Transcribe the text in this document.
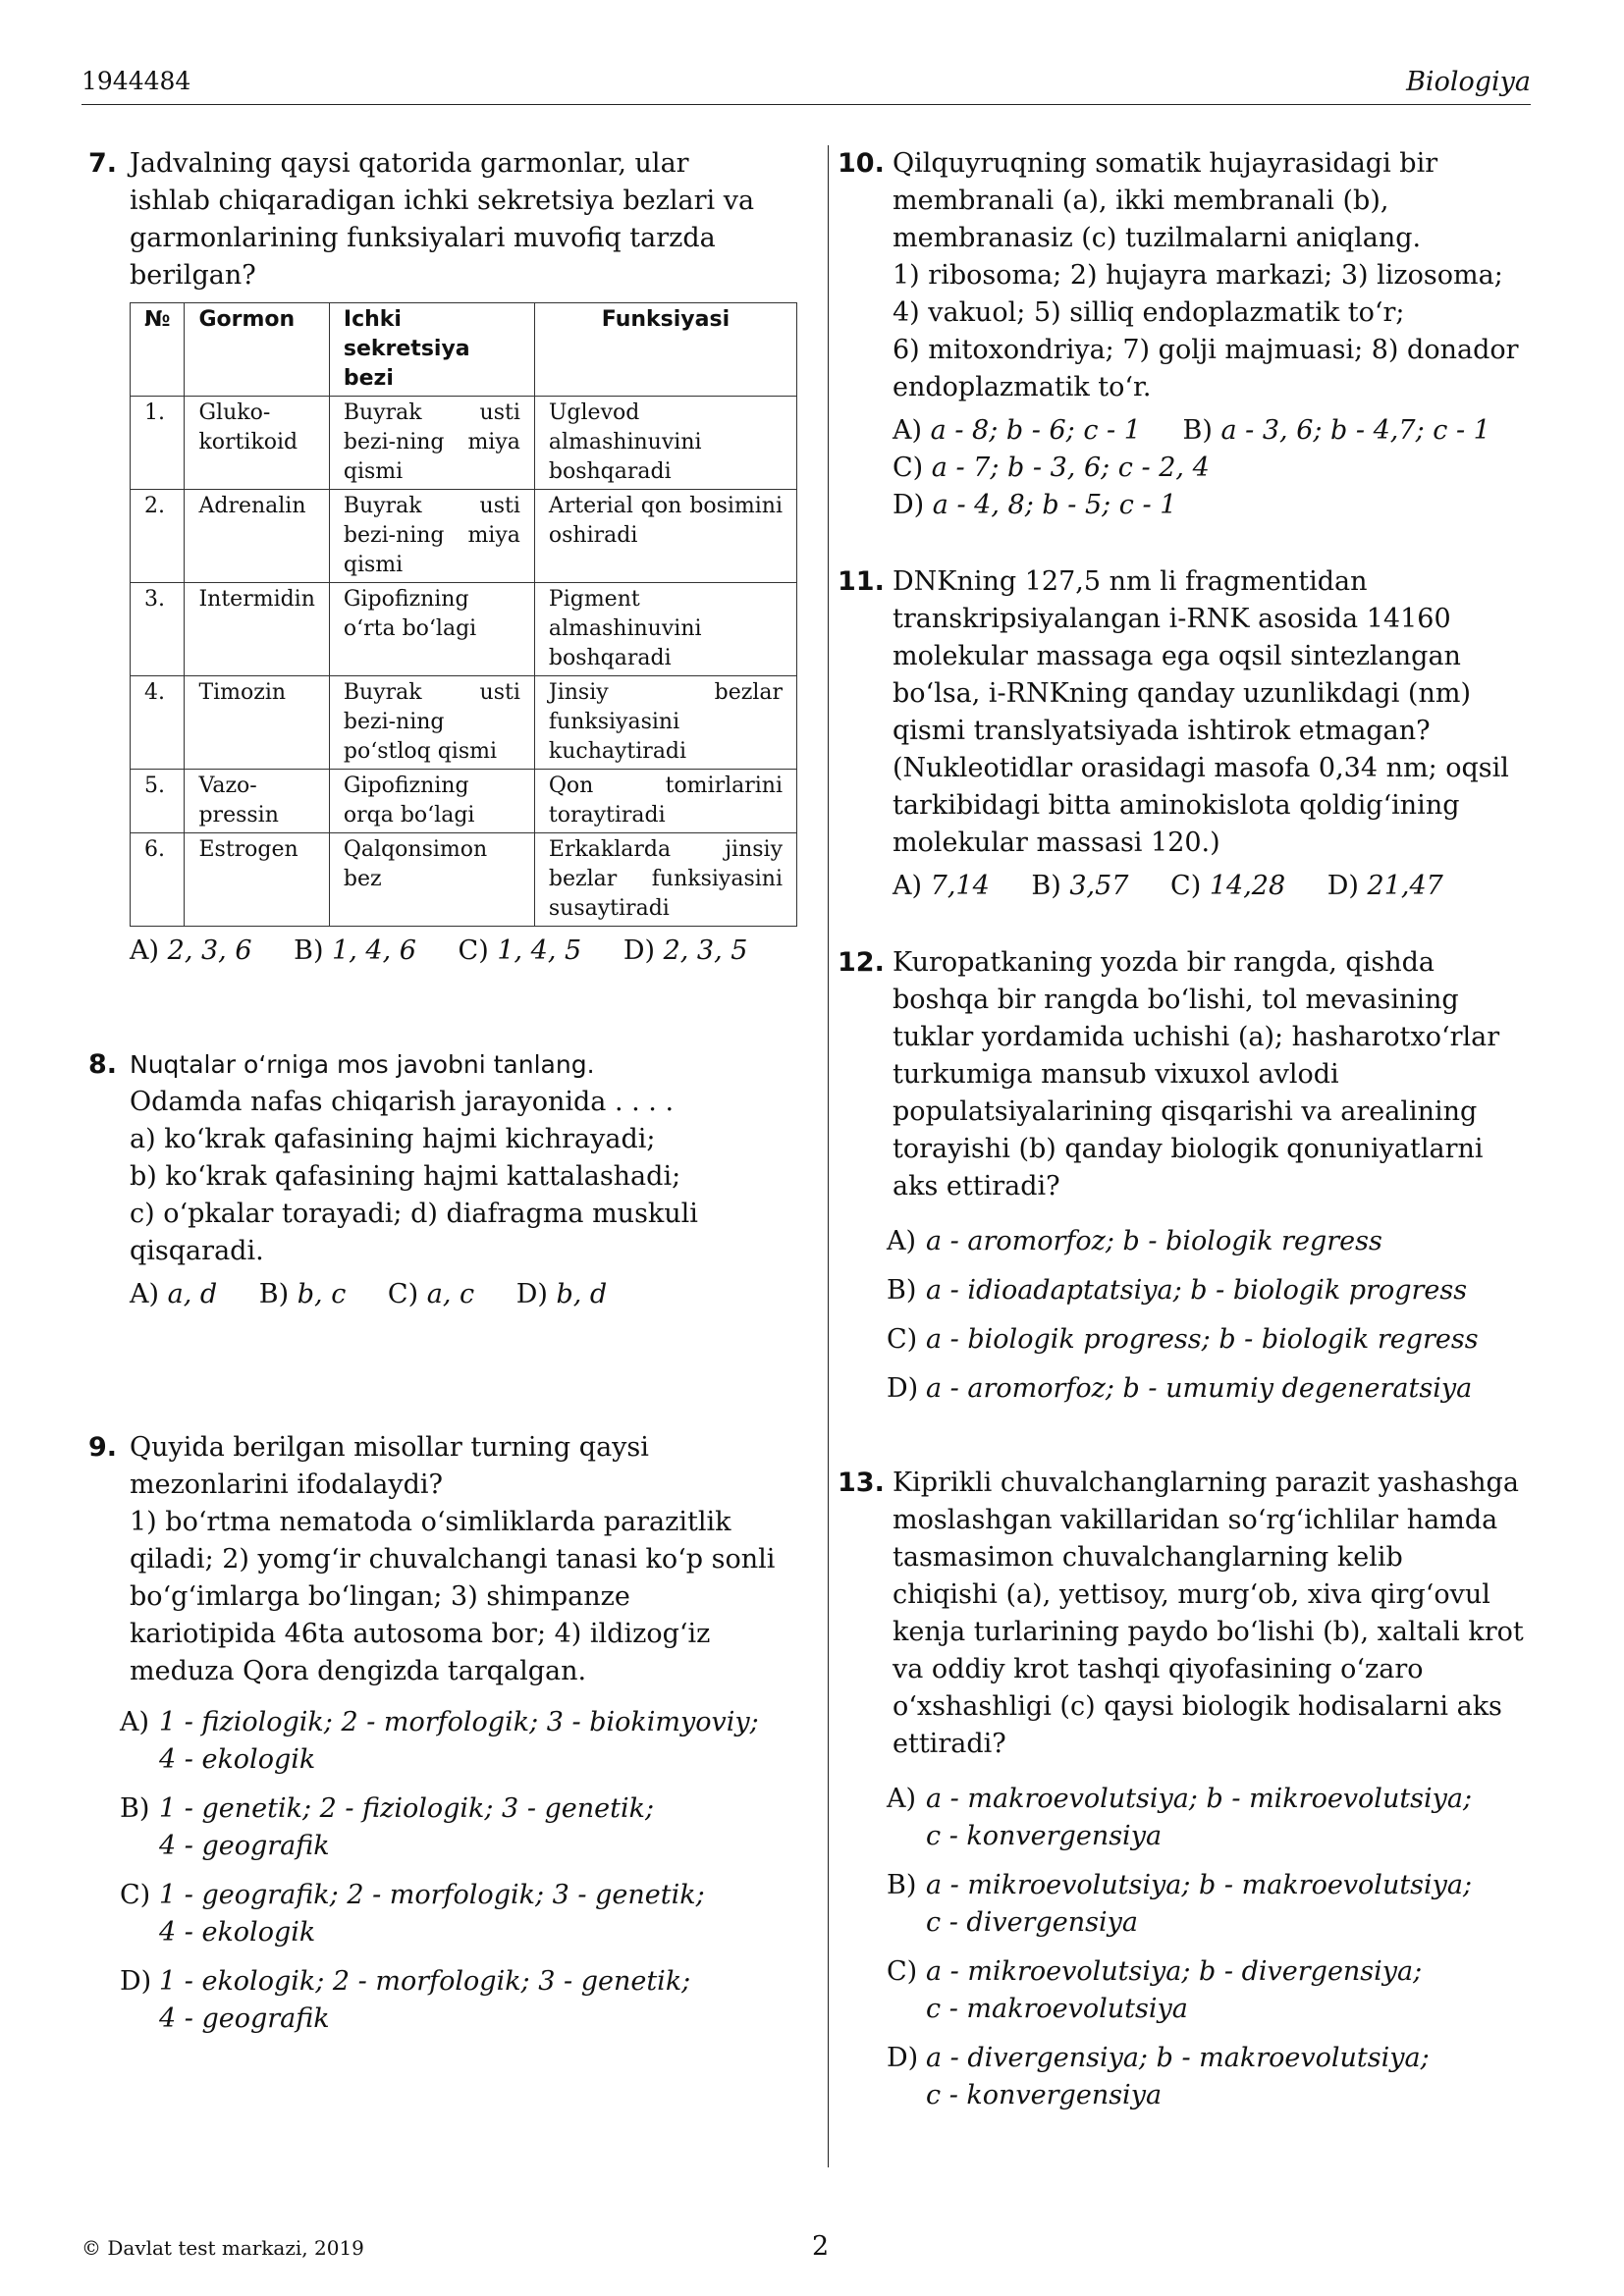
1944484	Biologiya
7. Jadvalning qaysi qatorida garmonlar, ular
ishlab chiqaradigan ichki sekretsiya bezlari va
garmonlarining funksiyalari muvofiq tarzda
berilgan?
№	Gormon	Ichki sekretsiya bezi	Funksiyasi
1.	Gluko-kortikoid	Buyrak usti bezi-ning miya qismi	Uglevod almashinuvini boshqaradi
2.	Adrenalin	Buyrak usti bezi-ning miya qismi	Arterial qon bosimini oshiradi
3.	Intermidin	Gipofizning o‘rta bo‘lagi	Pigment almashinuvini boshqaradi
4.	Timozin	Buyrak usti bezi-ning po‘stloq qismi	Jinsiy bezlar funksiyasini kuchaytiradi
5.	Vazo-pressin	Gipofizning orqa bo‘lagi	Qon tomirlarini toraytiradi
6.	Estrogen	Qalqonsimon bez	Erkaklarda jinsiy bezlar funksiyasini susaytiradi
A) 2, 3, 6 B) 1, 4, 6 C) 1, 4, 5 D) 2, 3, 5
8. Nuqtalar o‘rniga mos javobni tanlang.
Odamda nafas chiqarish jarayonida . . . .
a) ko‘krak qafasining hajmi kichrayadi;
b) ko‘krak qafasining hajmi kattalashadi;
c) o‘pkalar torayadi; d) diafragma muskuli
qisqaradi.
A) a, d B) b, c C) a, c D) b, d
9. Quyida berilgan misollar turning qaysi
mezonlarini ifodalaydi?
1) bo‘rtma nematoda o‘simliklarda parazitlik
qiladi; 2) yomg‘ir chuvalchangi tanasi ko‘p sonli
bo‘g‘imlarga bo‘lingan; 3) shimpanze
kariotipida 46ta autosoma bor; 4) ildizog‘iz
meduza Qora dengizda tarqalgan.
A) 1 - fiziologik; 2 - morfologik; 3 - biokimyoviy;
4 - ekologik
B) 1 - genetik; 2 - fiziologik; 3 - genetik;
4 - geografik
C) 1 - geografik; 2 - morfologik; 3 - genetik;
4 - ekologik
D) 1 - ekologik; 2 - morfologik; 3 - genetik;
4 - geografik
10. Qilquyruqning somatik hujayrasidagi bir
membranali (a), ikki membranali (b),
membranasiz (c) tuzilmalarni aniqlang.
1) ribosoma; 2) hujayra markazi; 3) lizosoma;
4) vakuol; 5) silliq endoplazmatik to‘r;
6) mitoxondriya; 7) golji majmuasi; 8) donador
endoplazmatik to‘r.
A) a - 8; b - 6; c - 1 B) a - 3, 6; b - 4,7; c - 1
C) a - 7; b - 3, 6; c - 2, 4
D) a - 4, 8; b - 5; c - 1
11. DNKning 127,5 nm li fragmentidan
transkripsiyalangan i-RNK asosida 14160
molekular massaga ega oqsil sintezlangan
bo‘lsa, i-RNKning qanday uzunlikdagi (nm)
qismi translyatsiyada ishtirok etmagan?
(Nukleotidlar orasidagi masofa 0,34 nm; oqsil
tarkibidagi bitta aminokislota qoldig‘ining
molekular massasi 120.)
A) 7,14 B) 3,57 C) 14,28 D) 21,47
12. Kuropatkaning yozda bir rangda, qishda
boshqa bir rangda bo‘lishi, tol mevasining
tuklar yordamida uchishi (a); hasharotxo‘rlar
turkumiga mansub vixuxol avlodi
populatsiyalarining qisqarishi va arealining
torayishi (b) qanday biologik qonuniyatlarni
aks ettiradi?
A) a - aromorfoz; b - biologik regress
B) a - idioadaptatsiya; b - biologik progress
C) a - biologik progress; b - biologik regress
D) a - aromorfoz; b - umumiy degeneratsiya
13. Kiprikli chuvalchanglarning parazit yashashga
moslashgan vakillaridan so‘rg‘ichlilar hamda
tasmasimon chuvalchanglarning kelib
chiqishi (a), yettisoy, murg‘ob, xiva qirg‘ovul
kenja turlarining paydo bo‘lishi (b), xaltali krot
va oddiy krot tashqi qiyofasining o‘zaro
o‘xshashligi (c) qaysi biologik hodisalarni aks
ettiradi?
A) a - makroevolutsiya; b - mikroevolutsiya;
c - konvergensiya
B) a - mikroevolutsiya; b - makroevolutsiya;
c - divergensiya
C) a - mikroevolutsiya; b - divergensiya;
c - makroevolutsiya
D) a - divergensiya; b - makroevolutsiya;
c - konvergensiya
© Davlat test markazi, 2019	2
